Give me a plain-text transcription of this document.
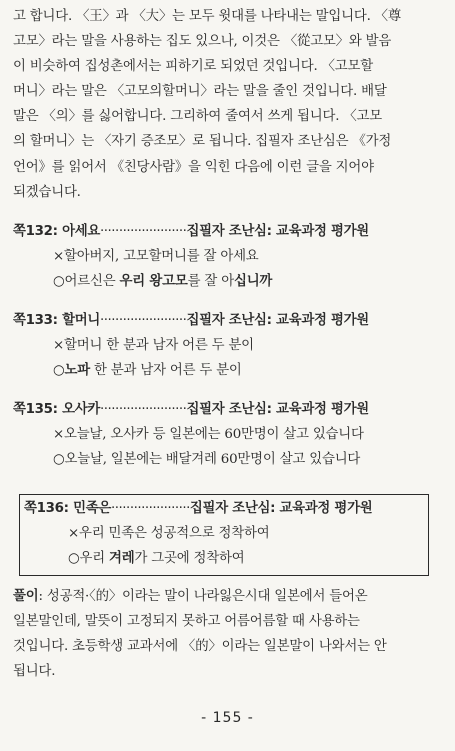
고 합니다. 〈王〉과 〈大〉는 모두 윗대를 나타내는 말입니다. 〈尊
고모〉라는 말을 사용하는 집도 있으나, 이것은 〈從고모〉와 발음
이 비슷하여 집성촌에서는 피하기로 되었던 것입니다. 〈고모할
머니〉라는 말은 〈고모의할머니〉라는 말을 줄인 것입니다. 배달
말은 〈의〉를 싫어합니다. 그리하여 줄여서 쓰게 됩니다. 〈고모
의 할머니〉는 〈자기 증조모〉로 됩니다. 집필자 조난심은 《가정
언어》를 읽어서 《친당사람》을 익힌 다음에 이런 글을 지어야
되겠습니다.
쪽132: 아세요·······················집필자 조난심: 교육과정 평가원
×할아버지, 고모할머니를 잘 아세요
○어르신은 우리 왕고모를 잘 아십니까
쪽133: 할머니·······················집필자 조난심: 교육과정 평가원
×할머니 한 분과 남자 어른 두 분이
○노파 한 분과 남자 어른 두 분이
쪽135: 오사카·······················집필자 조난심: 교육과정 평가원
×오늘날, 오사카 등 일본에는 60만명이 살고 있습니다
○오늘날, 일본에는 배달겨레 60만명이 살고 있습니다
쪽136: 민족은·····················집필자 조난심: 교육과정 평가원
×우리 민족은 성공적으로 정착하여
○우리 겨레가 그곳에 정착하여
풀이: 성공적·〈的〉이라는 말이 나라잃은시대 일본에서 들어온
일본말인데, 말뜻이 고정되지 못하고 어름어름할 때 사용하는
것입니다. 초등학생 교과서에 〈的〉이라는 일본말이 나와서는 안
됩니다.
- 155 -
